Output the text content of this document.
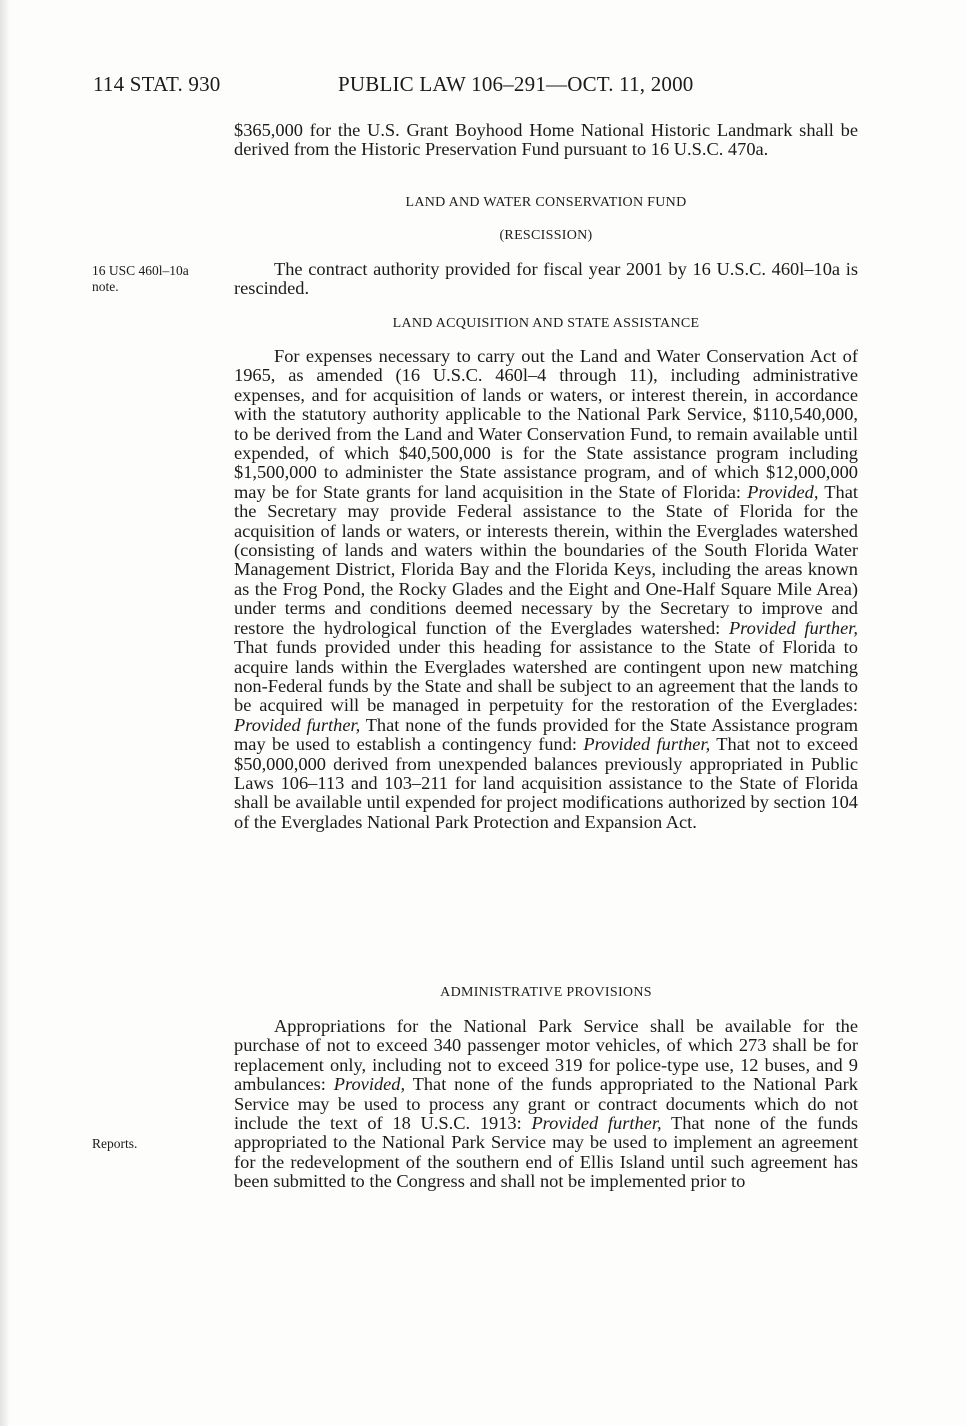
114 STAT. 930	PUBLIC LAW 106–291—OCT. 11, 2000

$365,000 for the U.S. Grant Boyhood Home National Historic Landmark shall be derived from the Historic Preservation Fund pursuant to 16 U.S.C. 470a.

LAND AND WATER CONSERVATION FUND
(RESCISSION)
16 USC 460l–10a
note.

The contract authority provided for fiscal year 2001 by 16 U.S.C. 460l–10a is rescinded.

LAND ACQUISITION AND STATE ASSISTANCE

For expenses necessary to carry out the Land and Water Conservation Act of 1965, as amended (16 U.S.C. 460l–4 through 11), including administrative expenses, and for acquisition of lands or waters, or interest therein, in accordance with the statutory authority applicable to the National Park Service, $110,540,000, to be derived from the Land and Water Conservation Fund, to remain available until expended, of which $40,500,000 is for the State assistance program including $1,500,000 to administer the State assistance program, and of which $12,000,000 may be for State grants for land acquisition in the State of Florida: Provided, That the Secretary may provide Federal assistance to the State of Florida for the acquisition of lands or waters, or interests therein, within the Everglades watershed (consisting of lands and waters within the boundaries of the South Florida Water Management District, Florida Bay and the Florida Keys, including the areas known as the Frog Pond, the Rocky Glades and the Eight and One-Half Square Mile Area) under terms and conditions deemed necessary by the Secretary to improve and restore the hydrological function of the Everglades watershed: Provided further, That funds provided under this heading for assistance to the State of Florida to acquire lands within the Everglades watershed are contingent upon new matching non-Federal funds by the State and shall be subject to an agreement that the lands to be acquired will be managed in perpetuity for the restoration of the Everglades: Provided further, That none of the funds provided for the State Assistance program may be used to establish a contingency fund: Provided further, That not to exceed $50,000,000 derived from unexpended balances previously appropriated in Public Laws 106–113 and 103–211 for land acquisition assistance to the State of Florida shall be available until expended for project modifications authorized by section 104 of the Everglades National Park Protection and Expansion Act.

ADMINISTRATIVE PROVISIONS
Reports.

Appropriations for the National Park Service shall be available for the purchase of not to exceed 340 passenger motor vehicles, of which 273 shall be for replacement only, including not to exceed 319 for police-type use, 12 buses, and 9 ambulances: Provided, That none of the funds appropriated to the National Park Service may be used to process any grant or contract documents which do not include the text of 18 U.S.C. 1913: Provided further, That none of the funds appropriated to the National Park Service may be used to implement an agreement for the redevelopment of the southern end of Ellis Island until such agreement has been submitted to the Congress and shall not be implemented prior to
